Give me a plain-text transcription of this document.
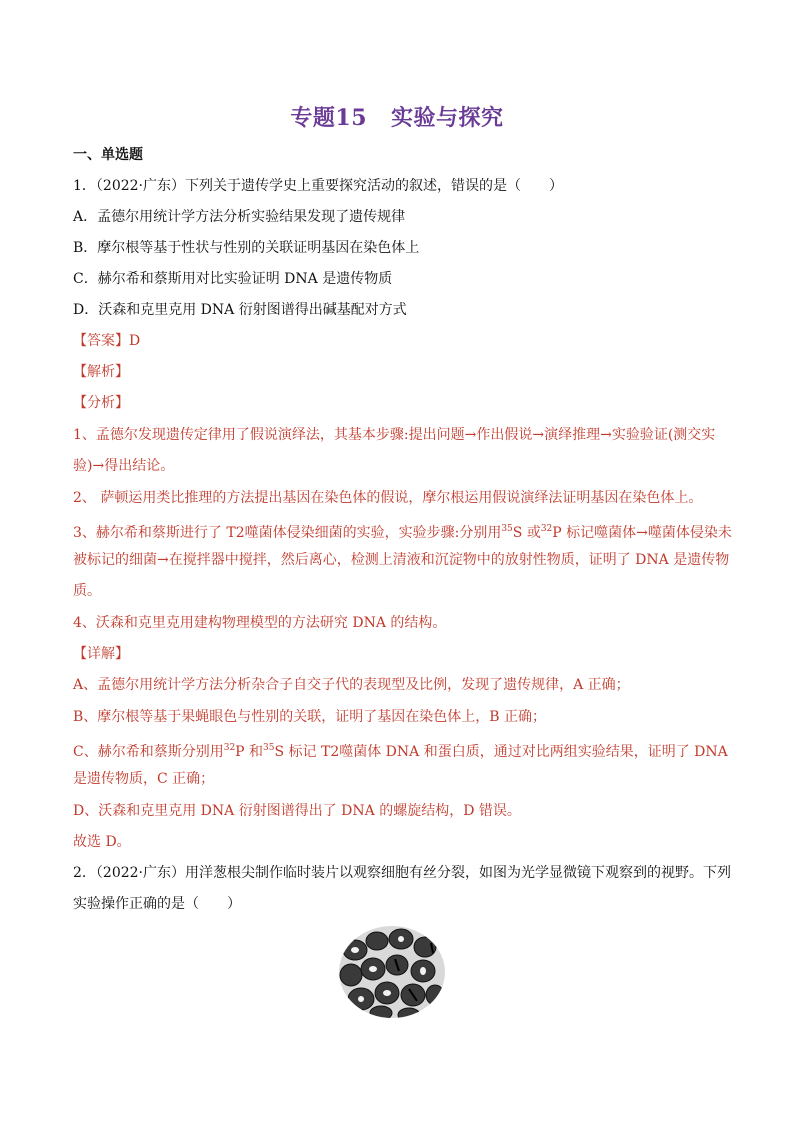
专题15 实验与探究
一、单选题
1．（2022·广东）下列关于遗传学史上重要探究活动的叙述，错误的是（　　）
A．孟德尔用统计学方法分析实验结果发现了遗传规律
B．摩尔根等基于性状与性别的关联证明基因在染色体上
C．赫尔希和蔡斯用对比实验证明 DNA 是遗传物质
D．沃森和克里克用 DNA 衍射图谱得出碱基配对方式
【答案】D
【解析】
【分析】
1、孟德尔发现遗传定律用了假说演绎法，其基本步骤:提出问题→作出假说→演绎推理→实验验证(测交实
验)→得出结论。
2、 萨顿运用类比推理的方法提出基因在染色体的假说，摩尔根运用假说演绎法证明基因在染色体上。
3、赫尔希和蔡斯进行了 T2噬菌体侵染细菌的实验，实验步骤:分别用$^{35}$S 或$^{32}$P 标记噬菌体→噬菌体侵染未
被标记的细菌→在搅拌器中搅拌，然后离心，检测上清液和沉淀物中的放射性物质，证明了 DNA 是遗传物
质。
4、沃森和克里克用建构物理模型的方法研究 DNA 的结构。
【详解】
A、孟德尔用统计学方法分析杂合子自交子代的表现型及比例，发现了遗传规律，A 正确；
B、摩尔根等基于果蝇眼色与性别的关联，证明了基因在染色体上，B 正确；
C、赫尔希和蔡斯分别用$^{32}$P 和$^{35}$S 标记 T2噬菌体 DNA 和蛋白质，通过对比两组实验结果，证明了 DNA
是遗传物质，C 正确；
D、沃森和克里克用 DNA 衍射图谱得出了 DNA 的螺旋结构，D 错误。
故选 D。
2．（2022·广东）用洋葱根尖制作临时装片以观察细胞有丝分裂，如图为光学显微镜下观察到的视野。下列
实验操作正确的是（　　）
